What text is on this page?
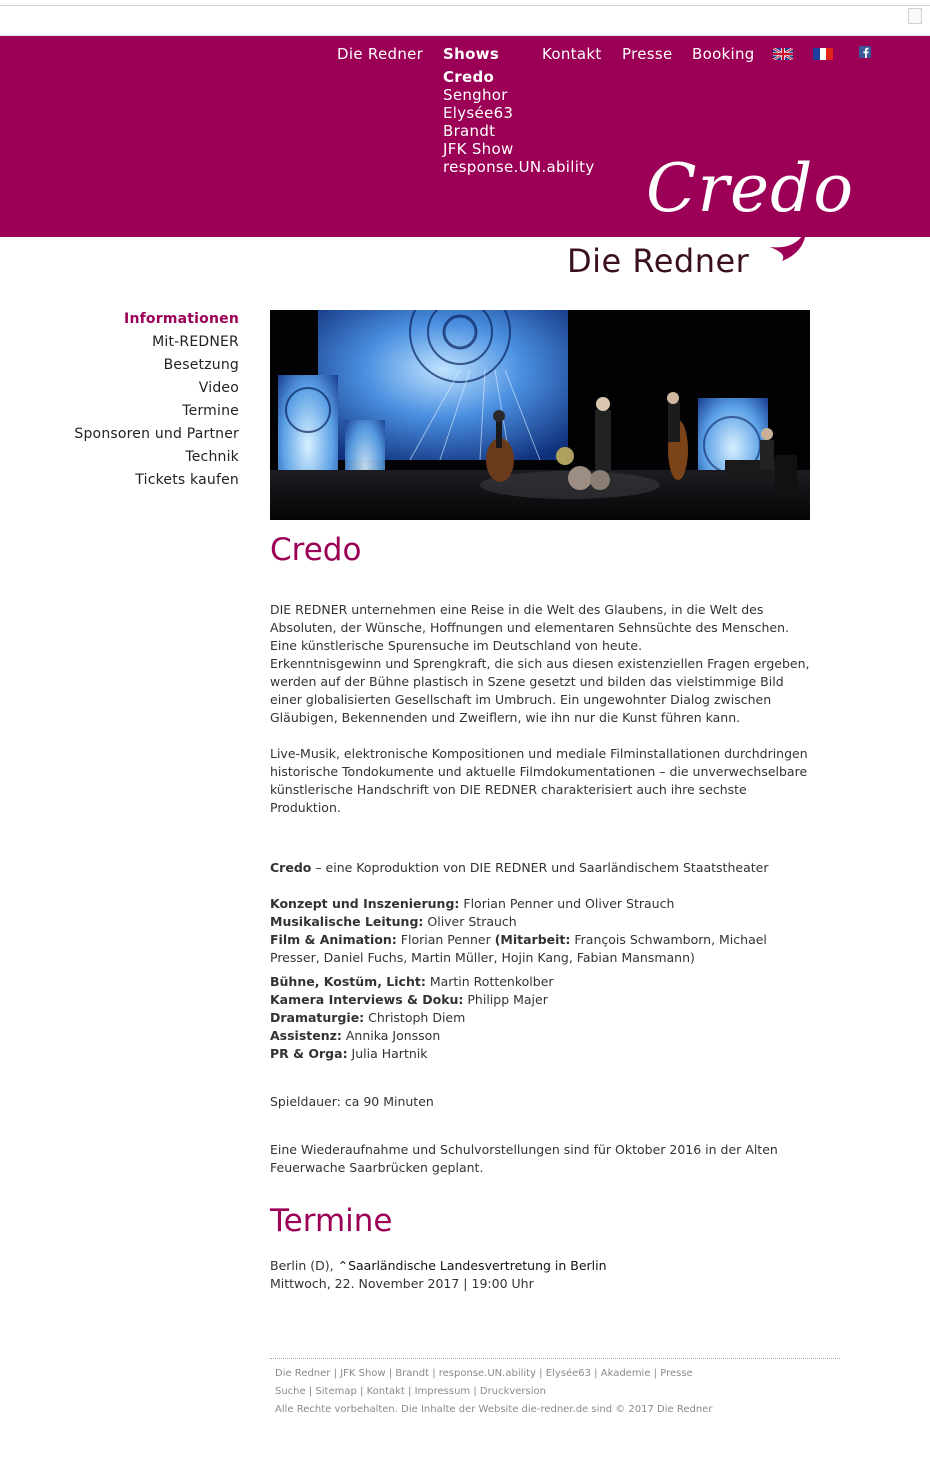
Die Redner Shows	Kontakt Presse Booking
Credo
Senghor
Elysée63
Brandt
JFK Show
response.UN.ability Credo
Die Redner
Informationen
Mit-REDNER
Besetzung
Video
Termine
Sponsoren und Partner
Technik
Tickets kaufen
Credo

DIE REDNER unternehmen eine Reise in die Welt des Glaubens, in die Welt des Absoluten, der Wünsche, Hoffnungen und elementaren Sehnsüchte des Menschen. Eine künstlerische Spurensuche im Deutschland von heute.

Erkenntnisgewinn und Sprengkraft, die sich aus diesen existenziellen Fragen ergeben, werden auf der Bühne plastisch in Szene gesetzt und bilden das vielstimmige Bild einer globalisierten Gesellschaft im Umbruch. Ein ungewohnter Dialog zwischen Gläubigen, Bekennenden und Zweiflern, wie ihn nur die Kunst führen kann.

Live-Musik, elektronische Kompositionen und mediale Filminstallationen durchdringen historische Tondokumente und aktuelle Filmdokumentationen – die unverwechselbare künstlerische Handschrift von DIE REDNER charakterisiert auch ihre sechste Produktion.

Credo – eine Koproduktion von DIE REDNER und Saarländischem Staatstheater

Konzept und Inszenierung: Florian Penner und Oliver Strauch

Musikalische Leitung: Oliver Strauch

Film & Animation: Florian Penner (Mitarbeit: François Schwamborn, Michael Presser, Daniel Fuchs, Martin Müller, Hojin Kang, Fabian Mansmann)

Bühne, Kostüm, Licht: Martin Rottenkolber

Kamera Interviews & Doku: Philipp Majer

Dramaturgie: Christoph Diem

Assistenz: Annika Jonsson

PR & Orga: Julia Hartnik

Spieldauer: ca 90 Minuten

Eine Wiederaufnahme und Schulvorstellungen sind für Oktober 2016 in der Alten Feuerwache Saarbrücken geplant.

Termine

Berlin (D), ⌃Saarländische Landesvertretung in Berlin

Mittwoch, 22. November 2017 | 19:00 Uhr

Die Redner | JFK Show | Brandt | response.UN.ability | Elysée63 | Akademie | Presse
Suche | Sitemap | Kontakt | Impressum | Druckversion
Alle Rechte vorbehalten. Die Inhalte der Website die-redner.de sind © 2017 Die Redner
